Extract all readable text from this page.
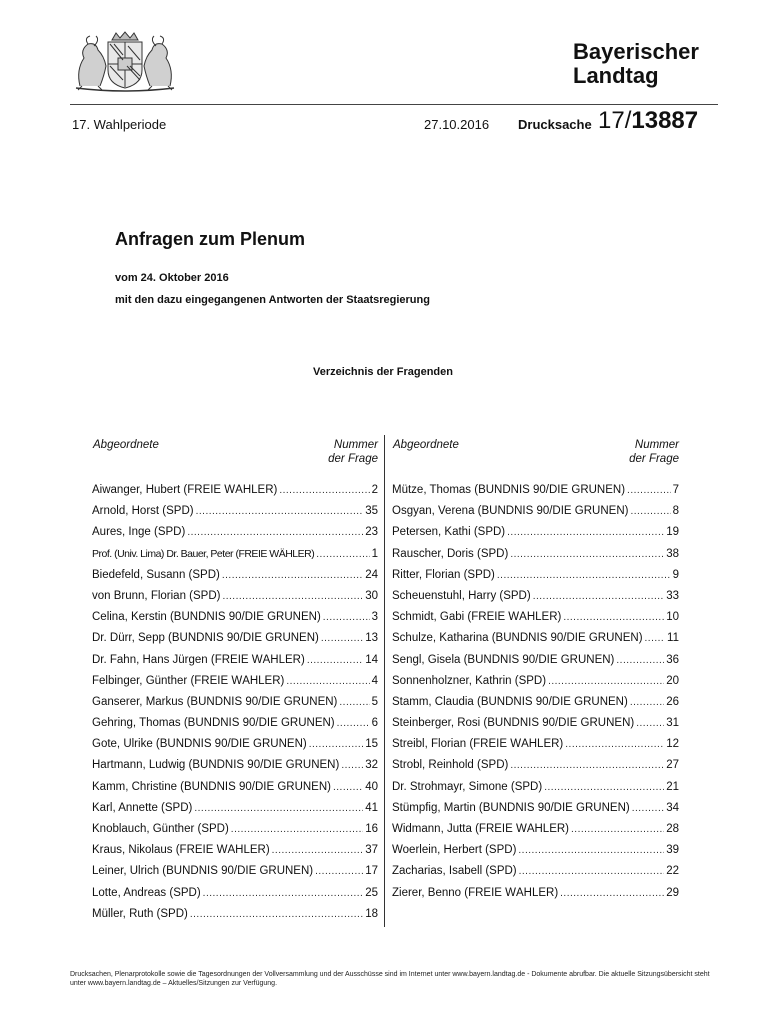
Bayerischer
Landtag
17. Wahlperiode	27.10.2016 Drucksache 17/13887
Anfragen zum Plenum
vom 24. Oktober 2016
mit den dazu eingegangenen Antworten der Staatsregierung
Verzeichnis der Fragenden
Abgeordnete	Nummer
der Frage
Abgeordnete	Nummer
der Frage
Aiwanger, Hubert (FREIE WÄHLER) .....	2
Arnold, Horst (SPD) .....	35
Aures, Inge (SPD) .....	23
Prof. (Univ. Lima) Dr. Bauer, Peter (FREIE WÄHLER) .....	1
Biedefeld, Susann (SPD) .....	24
von Brunn, Florian (SPD) .....	30
Celina, Kerstin (BÜNDNIS 90/DIE GRÜNEN) .....	3
Dr. Dürr, Sepp (BÜNDNIS 90/DIE GRÜNEN) .....	13
Dr. Fahn, Hans Jürgen (FREIE WÄHLER) .....	14
Felbinger, Günther (FREIE WÄHLER) .....	4
Ganserer, Markus (BÜNDNIS 90/DIE GRÜNEN) .....	5
Gehring, Thomas (BÜNDNIS 90/DIE GRÜNEN) .....	6
Gote, Ulrike (BÜNDNIS 90/DIE GRÜNEN) .....	15
Hartmann, Ludwig (BÜNDNIS 90/DIE GRÜNEN) ..... 32
Kamm, Christine (BÜNDNIS 90/DIE GRÜNEN) .....	40
Karl, Annette (SPD) .....	41
Knoblauch, Günther (SPD) .....	16
Kraus, Nikolaus (FREIE WÄHLER) .....	37
Leiner, Ulrich (BÜNDNIS 90/DIE GRÜNEN) .....	17
Lotte, Andreas (SPD) .....	25
Müller, Ruth (SPD) .....	18
Mütze, Thomas (BÜNDNIS 90/DIE GRÜNEN) .....	7
Osgyan, Verena (BÜNDNIS 90/DIE GRÜNEN) .....	8
Petersen, Kathi (SPD) .....	19
Rauscher, Doris (SPD) .....	38
Ritter, Florian (SPD) .....	9
Scheuenstuhl, Harry (SPD) .....	33
Schmidt, Gabi (FREIE WÄHLER) .....	10
Schulze, Katharina (BÜNDNIS 90/DIE GRÜNEN) ..... 11
Sengl, Gisela (BÜNDNIS 90/DIE GRÜNEN) .....	36
Sonnenholzner, Kathrin (SPD) .....	20
Stamm, Claudia (BÜNDNIS 90/DIE GRÜNEN) .....	26
Steinberger, Rosi (BÜNDNIS 90/DIE GRÜNEN) .....	31
Streibl, Florian (FREIE WÄHLER) .....	12
Strobl, Reinhold (SPD) .....	27
Dr. Strohmayr, Simone (SPD) .....	21
Stümpfig, Martin (BÜNDNIS 90/DIE GRÜNEN) .....	34
Widmann, Jutta (FREIE WÄHLER) .....	28
Woerlein, Herbert (SPD) .....	39
Zacharias, Isabell (SPD) .....	22
Zierer, Benno (FREIE WÄHLER) .....	29
Drucksachen, Plenarprotokolle sowie die Tagesordnungen der Vollversammlung und der Ausschüsse sind im Internet unter www.bayern.landtag.de - Dokumente abrufbar. Die aktuelle Sitzungsübersicht steht unter www.bayern.landtag.de – Aktuelles/Sitzungen zur Verfügung.
